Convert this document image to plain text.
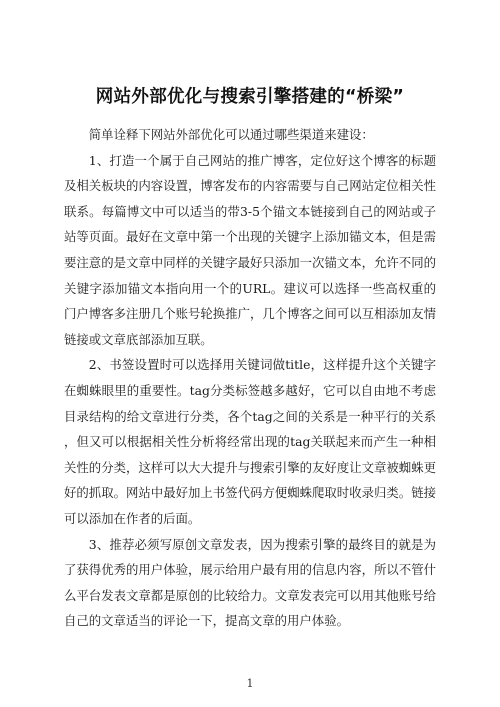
网站外部优化与搜索引擎搭建的“桥梁”

简单诠释下网站外部优化可以通过哪些渠道来建设：

1、打造一个属于自己网站的推广博客，定位好这个博客的标题及相关板块的内容设置，博客发布的内容需要与自己网站定位相关性联系。每篇博文中可以适当的带3-5个锚文本链接到自己的网站或子站等页面。最好在文章中第一个出现的关键字上添加锚文本，但是需要注意的是文章中同样的关键字最好只添加一次锚文本，允许不同的关键字添加锚文本指向用一个的URL。建议可以选择一些高权重的门户博客多注册几个账号轮换推广，几个博客之间可以互相添加友情链接或文章底部添加互联。

2、书签设置时可以选择用关键词做title，这样提升这个关键字在蜘蛛眼里的重要性。tag分类标签越多越好，它可以自由地不考虑目录结构的给文章进行分类，各个tag之间的关系是一种平行的关系，但又可以根据相关性分析将经常出现的tag关联起来而产生一种相关性的分类，这样可以大大提升与搜索引擎的友好度让文章被蜘蛛更好的抓取。网站中最好加上书签代码方便蜘蛛爬取时收录归类。链接可以添加在作者的后面。

3、推荐必须写原创文章发表，因为搜索引擎的最终目的就是为了获得优秀的用户体验，展示给用户最有用的信息内容，所以不管什么平台发表文章都是原创的比较给力。文章发表完可以用其他账号给自己的文章适当的评论一下，提高文章的用户体验。

1
